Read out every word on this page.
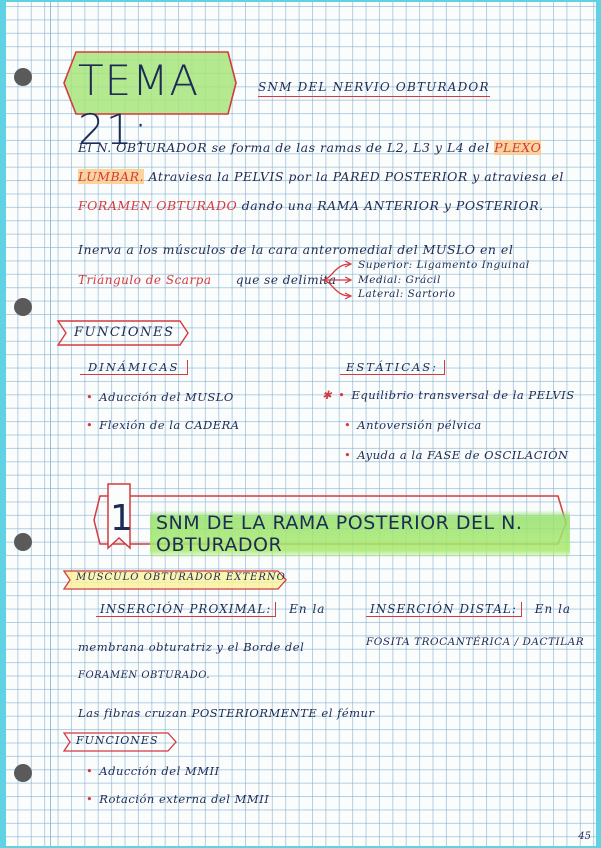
TEMA 21:
SNM DEL NERVIO OBTURADOR
El N. OBTURADOR se forma de las ramas de L2, L3 y L4 del PLEXO
LUMBAR. Atraviesa la PELVIS por la PARED POSTERIOR y atraviesa el
FORAMEN OBTURADO dando una RAMA ANTERIOR y POSTERIOR.
Inerva a los músculos de la cara anteromedial del MUSLO en el
Triángulo de Scarpa que se delimita
Superior: Ligamento Inguinal
Medial: Grácil
Lateral: Sartorio
FUNCIONES
DINÁMICAS	ESTÁTICAS:
• Aducción del MUSLO
• Flexión de la CADERA
✱ • Equilibrio transversal de la PELVIS
• Antoversión pélvica
• Ayuda a la FASE de OSCILACIÓN
1	SNM DE LA RAMA POSTERIOR DEL N. OBTURADOR
MUSCULO OBTURADOR EXTERNO
INSERCIÓN PROXIMAL: En la	INSERCIÓN DISTAL: En la
membrana obturatriz y el Borde del	FOSITA TROCANTÉRICA / DACTILAR
FORAMEN OBTURADO.
Las fibras cruzan POSTERIORMENTE el fémur
FUNCIONES
• Aducción del MMII
• Rotación externa del MMII
45
